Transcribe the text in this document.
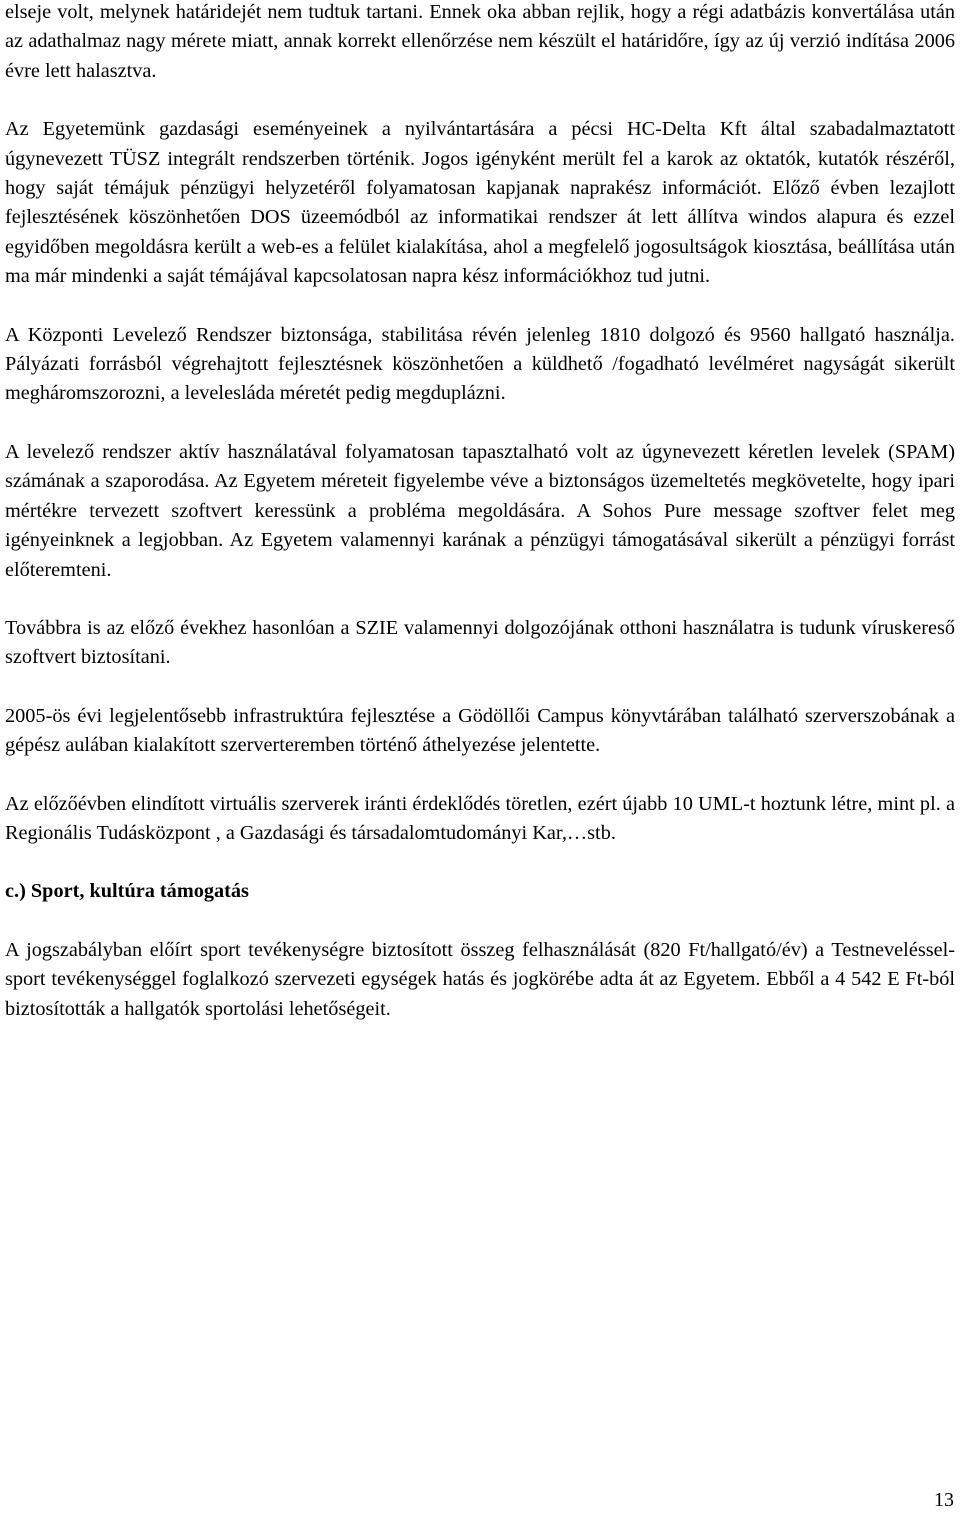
elseje volt, melynek határidejét nem tudtuk tartani. Ennek oka abban rejlik, hogy a régi adatbázis konvertálása után az adathalmaz nagy mérete miatt, annak korrekt ellenőrzése nem készült el határidőre, így az új verzió indítása 2006 évre lett halasztva.

Az Egyetemünk gazdasági eseményeinek a nyilvántartására a pécsi HC-Delta Kft által szabadalmaztatott úgynevezett TÜSZ integrált rendszerben történik. Jogos igényként merült fel a karok az oktatók, kutatók részéről, hogy saját témájuk pénzügyi helyzetéről folyamatosan kapjanak naprakész információt. Előző évben lezajlott fejlesztésének köszönhetően DOS üzeemódból az informatikai rendszer át lett állítva windos alapura és ezzel egyidőben megoldásra került a web-es a felület kialakítása, ahol a megfelelő jogosultságok kiosztása, beállítása után ma már mindenki a saját témájával kapcsolatosan napra kész információkhoz tud jutni.

A Központi Levelező Rendszer biztonsága, stabilitása révén jelenleg 1810 dolgozó és 9560 hallgató használja. Pályázati forrásból végrehajtott fejlesztésnek köszönhetően a küldhető /fogadható levélméret nagyságát sikerült megháromszorozni, a levelesláda méretét pedig megduplázni.

A levelező rendszer aktív használatával folyamatosan tapasztalható volt az úgynevezett kéretlen levelek (SPAM) számának a szaporodása. Az Egyetem méreteit figyelembe véve a biztonságos üzemeltetés megkövetelte, hogy ipari mértékre tervezett szoftvert keressünk a probléma megoldására. A Sohos Pure message szoftver felet meg igényeinknek a legjobban. Az Egyetem valamennyi karának a pénzügyi támogatásával sikerült a pénzügyi forrást előteremteni.

Továbbra is az előző évekhez hasonlóan a SZIE valamennyi dolgozójának otthoni használatra is tudunk víruskereső szoftvert biztosítani.

2005-ös évi legjelentősebb infrastruktúra fejlesztése a Gödöllői Campus könyvtárában található szerverszobának a gépész aulában kialakított szerverteremben történő áthelyezése jelentette.

Az előzőévben elindított virtuális szerverek iránti érdeklődés töretlen, ezért újabb 10 UML-t hoztunk létre, mint pl. a Regionális Tudásközpont , a Gazdasági és társadalomtudományi Kar,…stb.

c.) Sport, kultúra támogatás

A jogszabályban előírt sport tevékenységre biztosított összeg felhasználását (820 Ft/hallgató/év) a Testneveléssel- sport tevékenységgel foglalkozó szervezeti egységek hatás és jogkörébe adta át az Egyetem. Ebből a 4 542 E Ft-ból biztosították a hallgatók sportolási lehetőségeit.

13
